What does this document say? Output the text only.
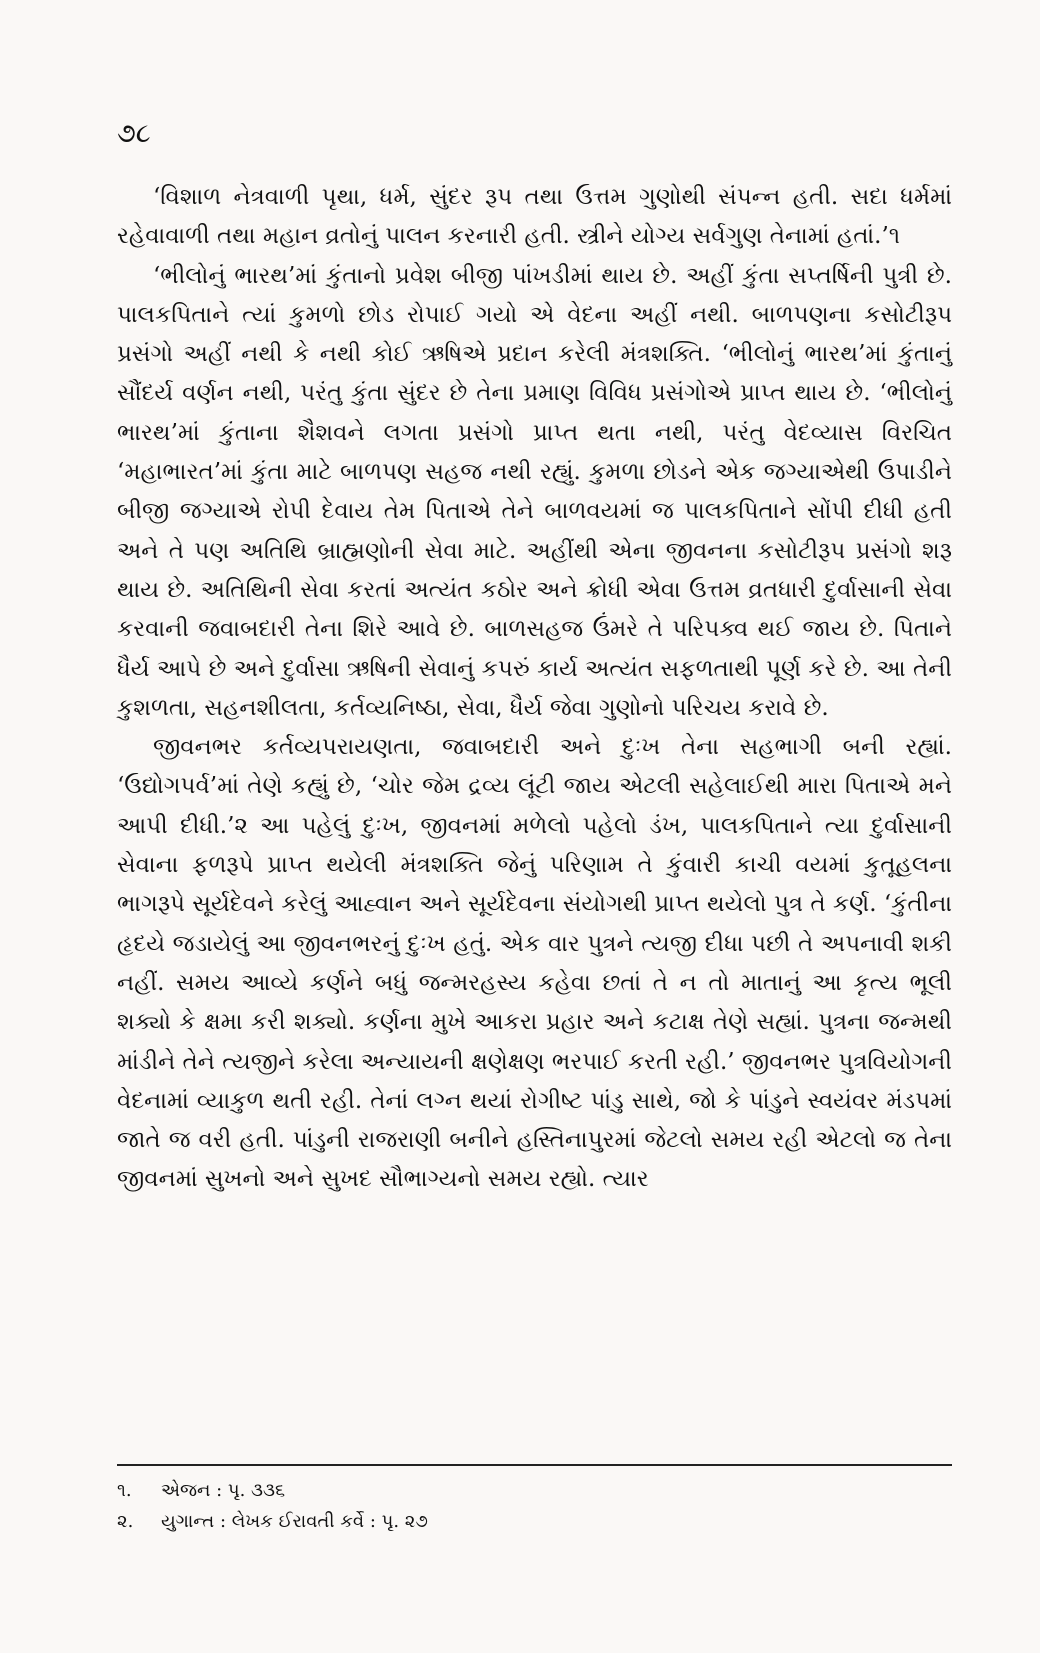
૭૮

‘વિશાળ નેત્રવાળી પૃથા, ધર્મ, સુંદર રૂપ તથા ઉત્તમ ગુણોથી સંપન્ન હતી. સદા ધર્મમાં રહેવાવાળી તથા મહાન વ્રતોનું પાલન કરનારી હતી. સ્ત્રીને યોગ્ય સર્વગુણ તેનામાં હતાં.’૧

‘ભીલોનું ભારથ’માં કુંતાનો પ્રવેશ બીજી પાંખડીમાં થાય છે. અહીં કુંતા સપ્તર્ષિની પુત્રી છે. પાલકપિતાને ત્યાં કુમળો છોડ રોપાઈ ગયો એ વેદના અહીં નથી. બાળપણના કસોટીરૂપ પ્રસંગો અહીં નથી કે નથી કોઈ ઋષિએ પ્રદાન કરેલી મંત્રશક્તિ. ‘ભીલોનું ભારથ’માં કુંતાનું સૌંદર્ય વર્ણન નથી, પરંતુ કુંતા સુંદર છે તેના પ્રમાણ વિવિધ પ્રસંગોએ પ્રાપ્ત થાય છે. ‘ભીલોનું ભારથ’માં કુંતાના શૈશવને લગતા પ્રસંગો પ્રાપ્ત થતા નથી, પરંતુ વેદવ્યાસ વિરચિત ‘મહાભારત’માં કુંતા માટે બાળપણ સહજ નથી રહ્યું. કુમળા છોડને એક જગ્યાએથી ઉપાડીને બીજી જગ્યાએ રોપી દેવાય તેમ પિતાએ તેને બાળવયમાં જ પાલકપિતાને સોંપી દીધી હતી અને તે પણ અતિથિ બ્રાહ્મણોની સેવા માટે. અહીંથી એના જીવનના કસોટીરૂપ પ્રસંગો શરૂ થાય છે. અતિથિની સેવા કરતાં અત્યંત કઠોર અને ક્રોધી એવા ઉત્તમ વ્રતધારી દુર્વાસાની સેવા કરવાની જવાબદારી તેના શિરે આવે છે. બાળસહજ ઉંમરે તે પરિપક્વ થઈ જાય છે. પિતાને ધૈર્ય આપે છે અને દુર્વાસા ઋષિની સેવાનું કપરું કાર્ય અત્યંત સફળતાથી પૂર્ણ કરે છે. આ તેની કુશળતા, સહનશીલતા, કર્તવ્યનિષ્ઠા, સેવા, ધૈર્ય જેવા ગુણોનો પરિચય કરાવે છે.

જીવનભર કર્તવ્યપરાયણતા, જવાબદારી અને દુઃખ તેના સહભાગી બની રહ્યાં. ‘ઉદ્યોગપર્વ’માં તેણે કહ્યું છે, ‘ચોર જેમ દ્રવ્ય લૂંટી જાય એટલી સહેલાઈથી મારા પિતાએ મને આપી દીધી.’૨ આ પહેલું દુઃખ, જીવનમાં મળેલો પહેલો ડંખ, પાલકપિતાને ત્યા દુર્વાસાની સેવાના ફળરૂપે પ્રાપ્ત થયેલી મંત્રશક્તિ જેનું પરિણામ તે કુંવારી કાચી વયમાં કુતૂહલના ભાગરૂપે સૂર્યદેવને કરેલું આહ્વાન અને સૂર્યદેવના સંયોગથી પ્રાપ્ત થયેલો પુત્ર તે કર્ણ. ‘કુંતીના હૃદયે જડાયેલું આ જીવનભરનું દુઃખ હતું. એક વાર પુત્રને ત્યજી દીધા પછી તે અપનાવી શકી નહીં. સમય આવ્યે કર્ણને બધું જન્મરહસ્ય કહેવા છતાં તે ન તો માતાનું આ કૃત્ય ભૂલી શક્યો કે ક્ષમા કરી શક્યો. કર્ણના મુખે આકરા પ્રહાર અને કટાક્ષ તેણે સહ્યાં. પુત્રના જન્મથી માંડીને તેને ત્યજીને કરેલા અન્યાયની ક્ષણેક્ષણ ભરપાઈ કરતી રહી.’ જીવનભર પુત્રવિયોગની વેદનામાં વ્યાકુળ થતી રહી. તેનાં લગ્ન થયાં રોગીષ્ટ પાંડુ સાથે, જો કે પાંડુને સ્વયંવર મંડપમાં જાતે જ વરી હતી. પાંડુની રાજરાણી બનીને હસ્તિનાપુરમાં જેટલો સમય રહી એટલો જ તેના જીવનમાં સુખનો અને સુખદ સૌભાગ્યનો સમય રહ્યો. ત્યાર

૧.	એજન : પૃ. ૩૩૬
૨.	યુગાન્ત : લેખક ઈરાવતી કર્વે : પૃ. ૨૭
